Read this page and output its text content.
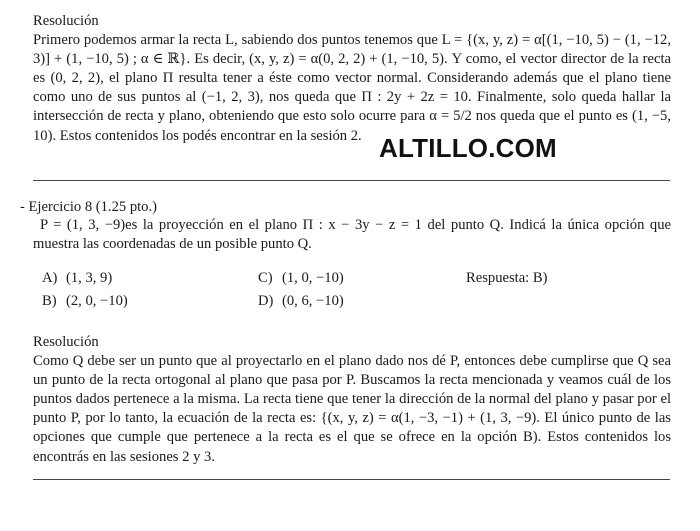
Resolución
Primero podemos armar la recta L, sabiendo dos puntos tenemos que L = {(x, y, z) = α[(1, −10, 5) − (1, −12, 3)] + (1, −10, 5) ; α ∈ ℝ}. Es decir, (x, y, z) = α(0, 2, 2) + (1, −10, 5). Y como, el vector director de la recta es (0, 2, 2), el plano Π resulta tener a éste como vector normal. Considerando además que el plano tiene como uno de sus puntos al (−1, 2, 3), nos queda que Π : 2y + 2z = 10. Finalmente, solo queda hallar la intersección de recta y plano, obteniendo que esto solo ocurre para α = 5/2 nos queda que el punto es (1, −5, 10). Estos contenidos los podés encontrar en la sesión 2. ALTILLO.COM
- Ejercicio 8 (1.25 pto.)
P = (1, 3, −9)es la proyección en el plano Π : x − 3y − z = 1 del punto Q. Indicá la única opción que muestra las coordenadas de un posible punto Q.
A) (1, 3, 9)
B) (2, 0, −10)
C) (1, 0, −10)
D) (0, 6, −10)
Respuesta: B)
Resolución
Como Q debe ser un punto que al proyectarlo en el plano dado nos dé P, entonces debe cumplirse que Q sea un punto de la recta ortogonal al plano que pasa por P. Buscamos la recta mencionada y veamos cuál de los puntos dados pertenece a la misma. La recta tiene que tener la dirección de la normal del plano y pasar por el punto P, por lo tanto, la ecuación de la recta es: {(x, y, z) = α(1, −3, −1) + (1, 3, −9). El único punto de las opciones que cumple que pertenece a la recta es el que se ofrece en la opción B). Estos contenidos los encontrás en las sesiones 2 y 3.
